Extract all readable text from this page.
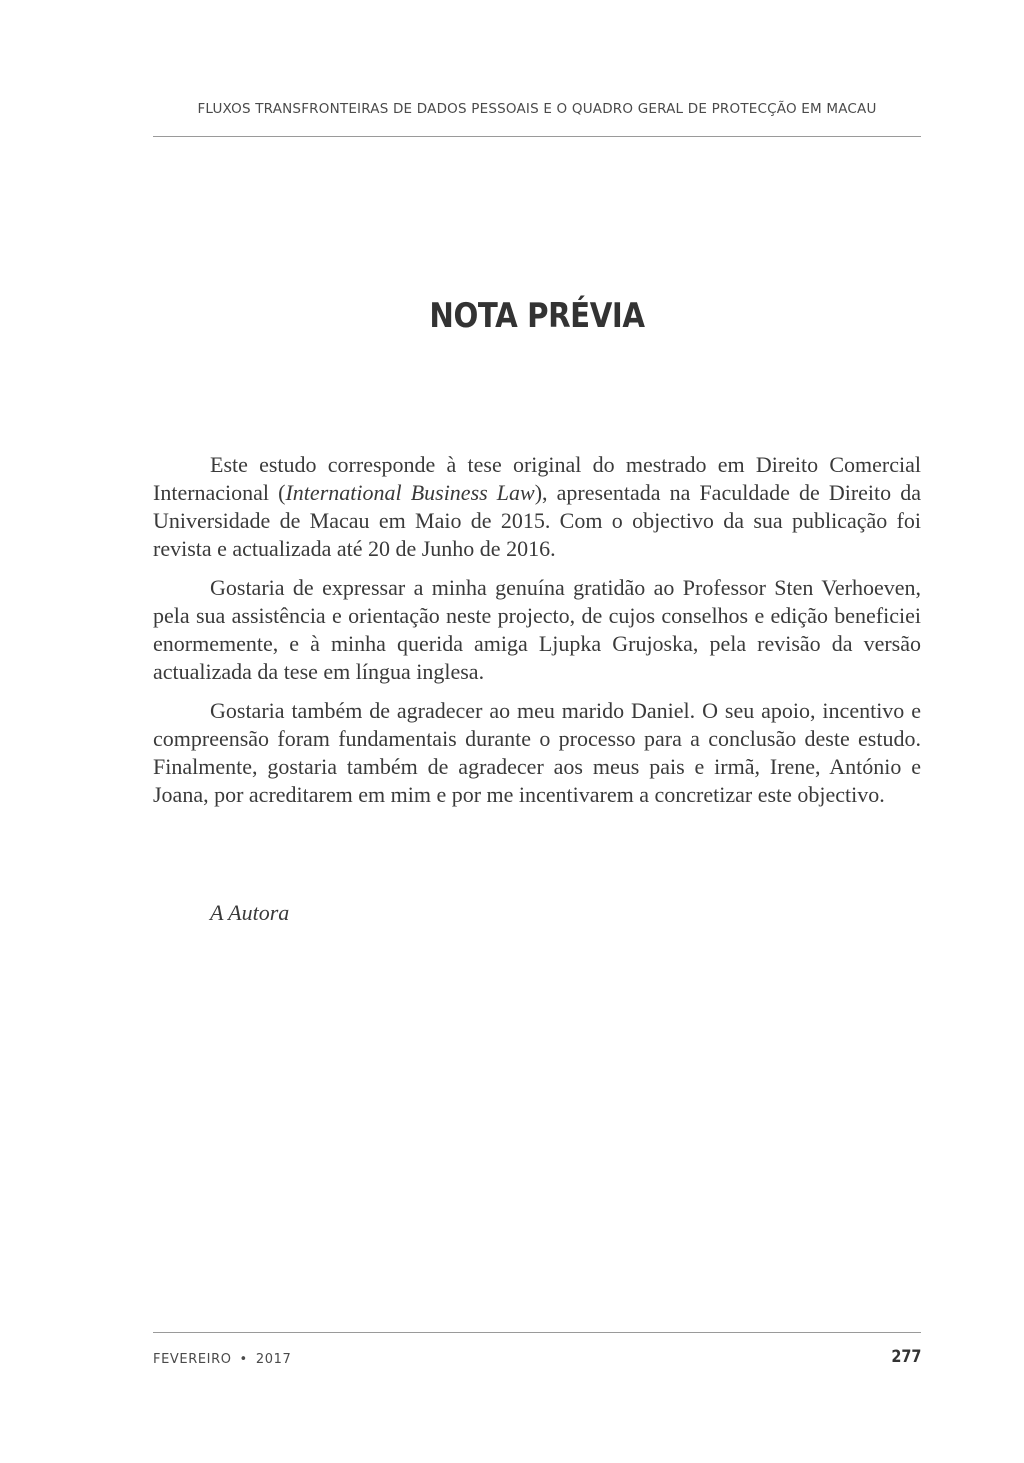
FLUXOS TRANSFRONTEIRAS DE DADOS PESSOAIS E O QUADRO GERAL DE PROTECÇÃO EM MACAU
NOTA PRÉVIA

Este estudo corresponde à tese original do mestrado em Direito Comercial Internacional (International Business Law), apresentada na Faculdade de Direito da Universidade de Macau em Maio de 2015. Com o objectivo da sua publicação foi revista e actualizada até 20 de Junho de 2016.

Gostaria de expressar a minha genuína gratidão ao Professor Sten Verhoeven, pela sua assistência e orientação neste projecto, de cujos conselhos e edição beneficiei enormemente, e à minha querida amiga Ljupka Grujoska, pela revisão da versão actualizada da tese em língua inglesa.

Gostaria também de agradecer ao meu marido Daniel. O seu apoio, incentivo e compreensão foram fundamentais durante o processo para a conclusão deste estudo. Finalmente, gostaria também de agradecer aos meus pais e irmã, Irene, António e Joana, por acreditarem em mim e por me incentivarem a concretizar este objectivo.

A Autora
FEVEREIRO • 2017	277
